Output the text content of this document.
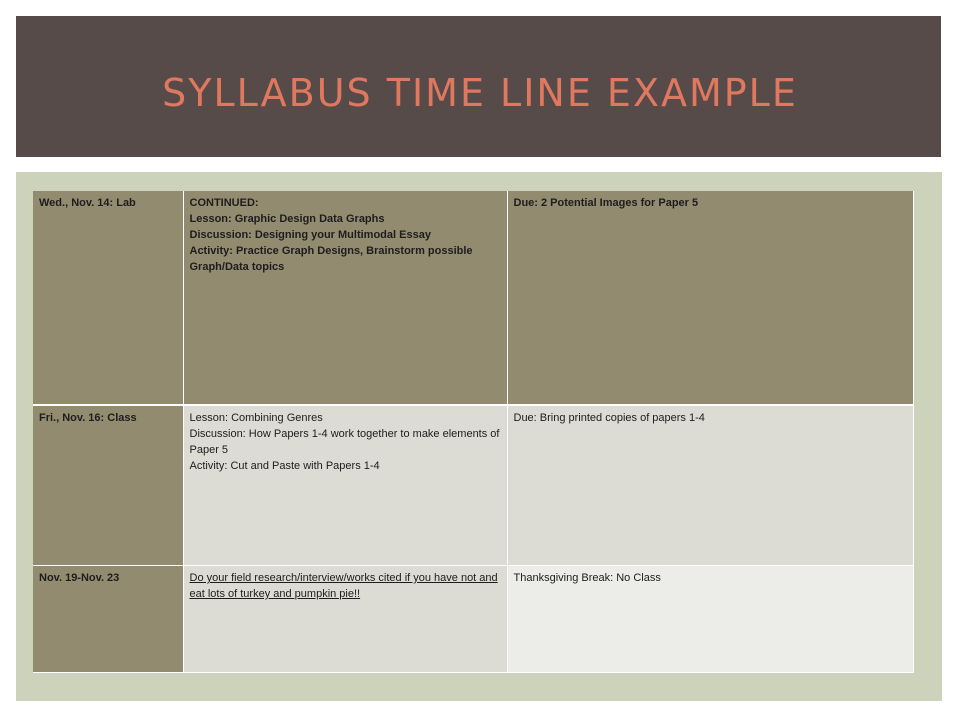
SYLLABUS TIME LINE EXAMPLE
Wed., Nov. 14: Lab	CONTINUED:
Lesson: Graphic Design Data Graphs
Discussion: Designing your Multimodal Essay
Activity: Practice Graph Designs, Brainstorm possible Graph/Data topics	Due: 2 Potential Images for Paper 5
Fri., Nov. 16: Class	Lesson: Combining Genres
Discussion: How Papers 1-4 work together to make elements of Paper 5
Activity: Cut and Paste with Papers 1-4	Due: Bring printed copies of papers 1-4
Nov. 19-Nov. 23	Do your field research/interview/works cited if you have not and eat lots of turkey and pumpkin pie!!	Thanksgiving Break: No Class
